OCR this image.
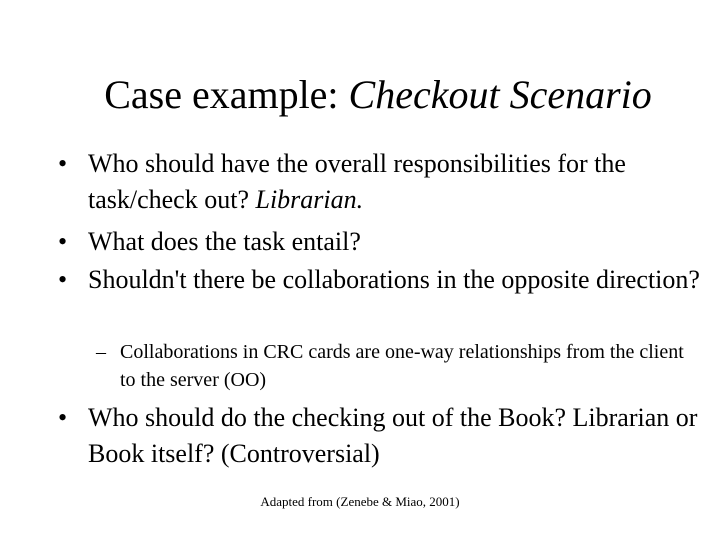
Case example: Checkout Scenario
• Who should have the overall responsibilities for the task/check out? Librarian.
• What does the task entail?
• Shouldn't there be collaborations in the opposite direction?
– Collaborations in CRC cards are one-way relationships from the client to the server (OO)
• Who should do the checking out of the Book? Librarian or Book itself? (Controversial)
Adapted from (Zenebe & Miao, 2001)
